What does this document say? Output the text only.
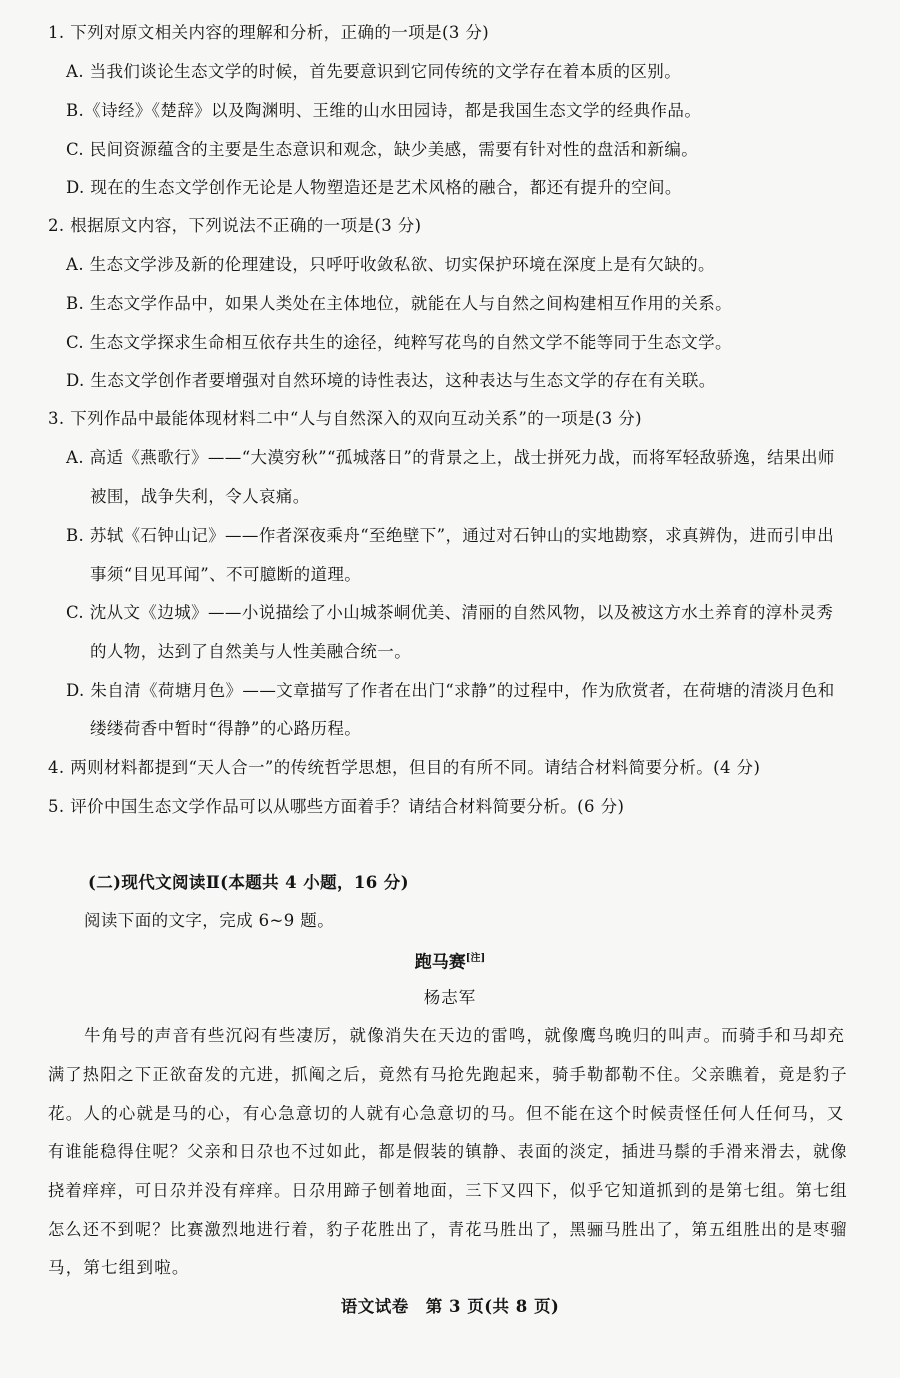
1. 下列对原文相关内容的理解和分析，正确的一项是(3 分)
A. 当我们谈论生态文学的时候，首先要意识到它同传统的文学存在着本质的区别。
B.《诗经》《楚辞》以及陶渊明、王维的山水田园诗，都是我国生态文学的经典作品。
C. 民间资源蕴含的主要是生态意识和观念，缺少美感，需要有针对性的盘活和新编。
D. 现在的生态文学创作无论是人物塑造还是艺术风格的融合，都还有提升的空间。
2. 根据原文内容，下列说法不正确的一项是(3 分)
A. 生态文学涉及新的伦理建设，只呼吁收敛私欲、切实保护环境在深度上是有欠缺的。
B. 生态文学作品中，如果人类处在主体地位，就能在人与自然之间构建相互作用的关系。
C. 生态文学探求生命相互依存共生的途径，纯粹写花鸟的自然文学不能等同于生态文学。
D. 生态文学创作者要增强对自然环境的诗性表达，这种表达与生态文学的存在有关联。
3. 下列作品中最能体现材料二中“人与自然深入的双向互动关系”的一项是(3 分)
A. 高适《燕歌行》——“大漠穷秋”“孤城落日”的背景之上，战士拼死力战，而将军轻敌骄逸，结果出师
被围，战争失利，令人哀痛。
B. 苏轼《石钟山记》——作者深夜乘舟“至绝壁下”，通过对石钟山的实地勘察，求真辨伪，进而引申出
事须“目见耳闻”、不可臆断的道理。
C. 沈从文《边城》——小说描绘了小山城茶峒优美、清丽的自然风物，以及被这方水土养育的淳朴灵秀
的人物，达到了自然美与人性美融合统一。
D. 朱自清《荷塘月色》——文章描写了作者在出门“求静”的过程中，作为欣赏者，在荷塘的清淡月色和
缕缕荷香中暂时“得静”的心路历程。
4. 两则材料都提到“天人合一”的传统哲学思想，但目的有所不同。请结合材料简要分析。(4 分)
5. 评价中国生态文学作品可以从哪些方面着手？请结合材料简要分析。(6 分)
(二)现代文阅读Ⅱ(本题共 4 小题，16 分)
阅读下面的文字，完成 6~9 题。
跑马赛[注]
杨志军
牛角号的声音有些沉闷有些凄厉，就像消失在天边的雷鸣，就像鹰鸟晚归的叫声。而骑手和马却充
满了热阳之下正欲奋发的亢进，抓阄之后，竟然有马抢先跑起来，骑手勒都勒不住。父亲瞧着，竟是豹子
花。人的心就是马的心，有心急意切的人就有心急意切的马。但不能在这个时候责怪任何人任何马，又
有谁能稳得住呢？父亲和日尕也不过如此，都是假装的镇静、表面的淡定，插进马鬃的手滑来滑去，就像
挠着痒痒，可日尕并没有痒痒。日尕用蹄子刨着地面，三下又四下，似乎它知道抓到的是第七组。第七组
怎么还不到呢？比赛激烈地进行着，豹子花胜出了，青花马胜出了，黑骊马胜出了，第五组胜出的是枣骝
马，第七组到啦。
语文试卷　第 3 页(共 8 页)
